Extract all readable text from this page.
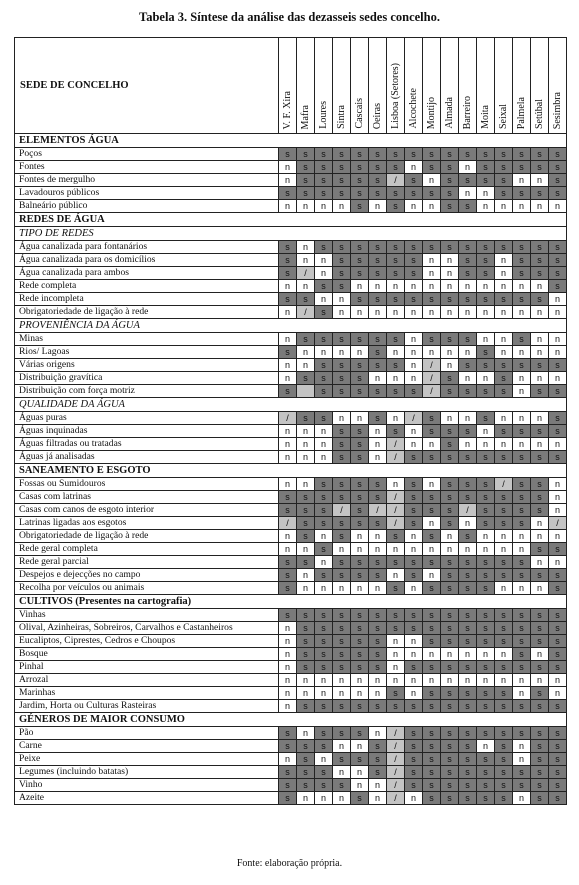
Tabela 3. Síntese da análise das dezasseis sedes concelho.
SEDE DE CONCELHO	V. F. Xira	Mafra	Loures	Sintra	Cascais	Oeiras	Lisboa (Setores)	Alcochete	Montijo	Almada	Barreiro	Moita	Seixal	Palmela	Setúbal	Sesimbra

ELEMENTOS ÁGUA																
Poços	s	s	s	s	s	s	s	s	s	s	s	s	s	s	s	s
Fontes	n	s	s	s	s	s	s	n	s	s	n	s	s	s	s	s
Fontes de mergulho	n	s	s	s	s	s	/	s	n	s	s	s	s	n	n	s
Lavadouros públicos	s	s	s	s	s	s	s	s	s	s	n	n	s	s	s	s
Balneário público	n	n	n	n	s	n	s	n	n	s	s	n	n	n	n	n
REDES DE ÁGUA																
TIPO DE REDES																
Água canalizada para fontanários	s	n	s	s	s	s	s	s	s	s	s	s	s	s	s	s
Água canalizada para os domicílios	s	n	n	s	s	s	s	s	n	n	s	s	n	s	s	s
Água canalizada para ambos	s	/	n	s	s	s	s	s	n	n	s	s	n	s	s	s
Rede completa	n	n	s	s	n	n	n	n	n	n	n	n	n	n	n	s
Rede incompleta	s	s	n	n	s	s	s	s	s	s	s	s	s	s	s	n
Obrigatoriedade de ligação à rede	n	/	s	n	n	n	n	n	n	n	n	n	n	n	n	n
PROVENIÊNCIA DA ÁGUA																
Minas	n	s	s	s	s	s	s	n	s	s	s	n	n	s	n	n
Rios/ Lagoas	s	n	n	n	n	s	n	n	n	n	n	s	n	n	n	n
Várias origens	n	n	s	s	s	s	s	n	/	n	s	s	s	s	s	s
Distribuição gravítica	n	s	s	s	s	n	n	n	/	s	n	n	s	n	n	n
Distribuição com força motriz	s		s	s	s	s	s	s	/	s	s	s	s	n	s	s
QUALIDADE DA ÁGUA																
Águas puras	/	s	s	n	n	s	n	/	s	n	n	s	n	n	n	s
Águas inquinadas	n	n	n	s	s	n	s	n	s	s	s	n	s	s	s	s
Águas filtradas ou tratadas	n	n	n	s	s	n	/	n	n	s	n	n	n	n	n	n
Águas já analisadas	n	n	n	s	s	n	/	s	s	s	s	s	s	s	s	s
SANEAMENTO E ESGOTO																
Fossas ou Sumidouros	n	n	s	s	s	s	n	s	n	s	s	s	/	s	s	n
Casas com latrinas	s	s	s	s	s	s	/	s	s	s	s	s	s	s	s	n
Casas com canos de esgoto interior	s	s	s	/	s	/	/	s	s	s	/	s	s	s	s	n
Latrinas ligadas aos esgotos	/	s	s	s	s	s	/	s	n	s	n	s	s	s	n	/
Obrigatoriedade de ligação à rede	n	s	n	s	n	n	s	n	s	n	s	n	n	n	n	n
Rede geral completa	n	n	s	n	n	n	n	n	n	n	n	n	n	n	s	s
Rede geral parcial	s	s	n	s	s	s	s	s	s	s	s	s	s	s	n	n
Despejos e dejecções no campo	s	n	s	s	s	s	n	s	n	s	s	s	s	s	s	s
Recolha por veículos ou animais	s	n	n	n	n	n	s	n	s	s	s	s	n	n	n	s
CULTIVOS (Presentes na cartografia)																
Vinhas	s	s	s	s	s	s	s	s	s	s	s	s	s	s	s	s
Olival, Azinheiras, Sobreiros, Carvalhos e Castanheiros	n	s	s	s	s	s	s	s	s	s	s	s	s	s	s	s
Eucaliptos, Ciprestes, Cedros e Choupos	n	s	s	s	s	s	n	n	s	s	s	s	s	s	s	s
Bosque	n	s	s	s	s	s	n	n	n	n	n	n	n	s	n	s
Pinhal	n	s	s	s	s	s	n	s	s	s	s	s	s	s	s	s
Arrozal	n	n	n	n	n	n	n	n	n	n	n	n	n	n	n	n
Marinhas	n	n	n	n	n	n	s	n	s	s	s	s	s	n	s	n
Jardim, Horta ou Culturas Rasteiras	n	s	s	s	s	s	s	s	s	s	s	s	s	s	s	s
GÉNEROS DE MAIOR CONSUMO																
Pão	s	n	s	s	s	n	/	s	s	s	s	s	s	s	s	s
Carne	s	s	s	n	n	s	/	s	s	s	s	n	s	n	s	s
Peixe	n	s	n	s	s	s	/	s	s	s	s	s	s	n	s	s
Legumes (incluindo batatas)	s	s	s	n	n	s	/	s	s	s	s	s	s	s	s	s
Vinho	s	s	s	s	n	n	/	s	s	s	s	s	s	s	s	s
Azeite	s	n	n	n	s	n	/	n	s	s	s	s	s	n	s	s
Fonte: elaboração própria.
